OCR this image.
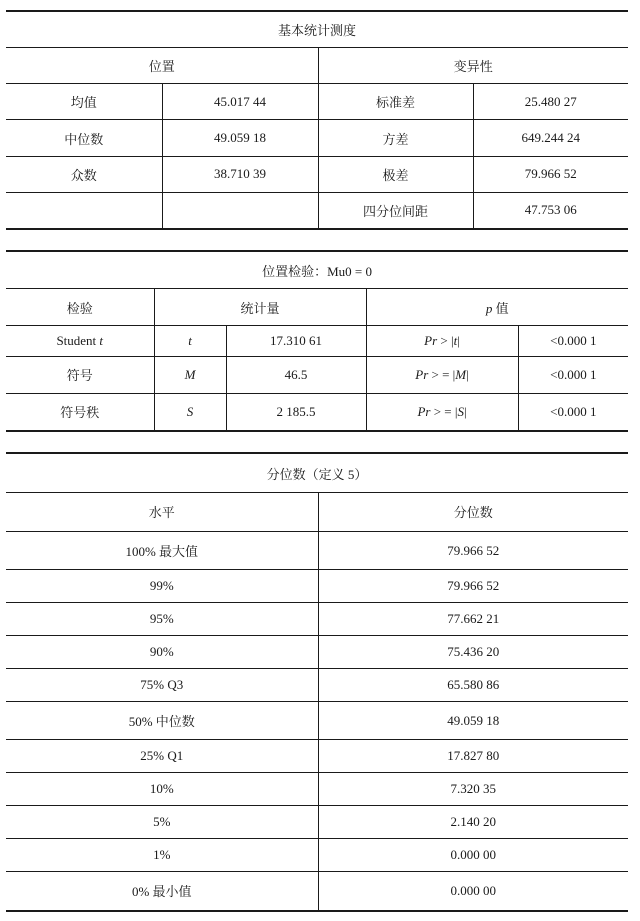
基本统计测度			
位置		变异性	
均值	45.017 44	标准差	25.480 27
中位数	49.059 18	方差	649.244 24
众数	38.710 39	极差	79.966 52
		四分位间距	47.753 06
位置检验：Mu0 = 0				
检验	统计量		p 值	
Student t	t	17.310 61	Pr > |t|	<0.000 1
符号	M	46.5	Pr > = |M|	<0.000 1
符号秩	S	2 185.5	Pr > = |S|	<0.000 1
分位数（定义 5）	
水平	分位数
100% 最大值	79.966 52
99%	79.966 52
95%	77.662 21
90%	75.436 20
75% Q3	65.580 86
50% 中位数	49.059 18
25% Q1	17.827 80
10%	7.320 35
5%	2.140 20
1%	0.000 00
0% 最小值	0.000 00
